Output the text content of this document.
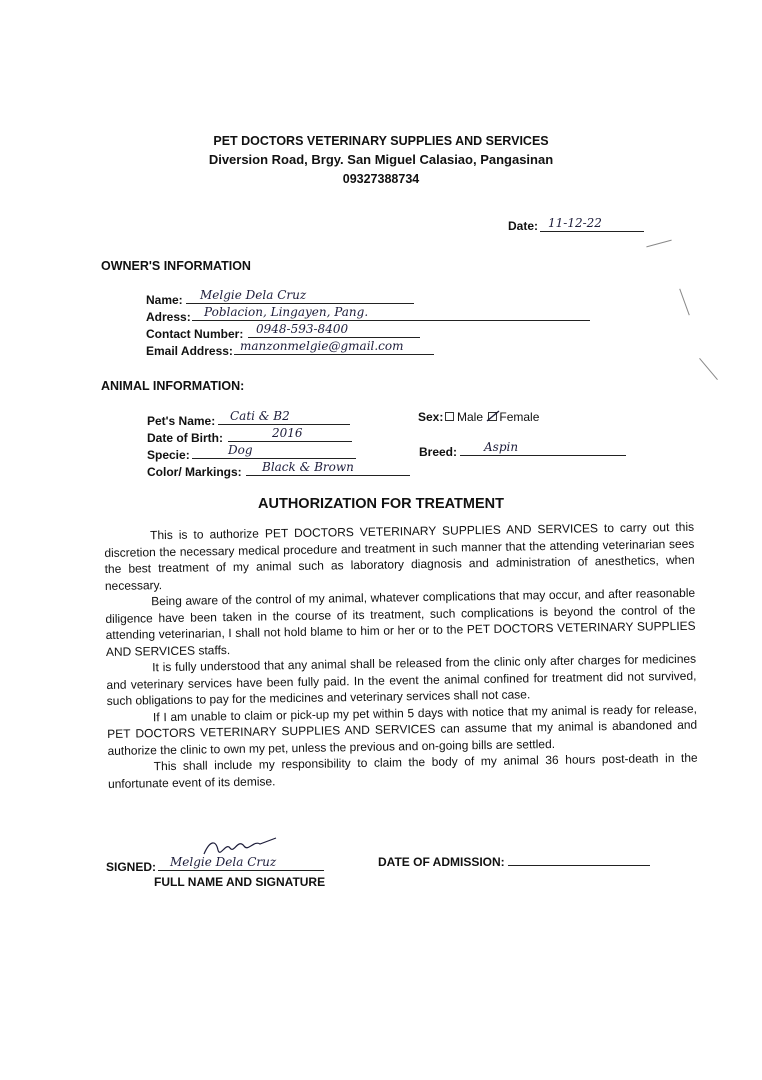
PET DOCTORS VETERINARY SUPPLIES AND SERVICES
Diversion Road, Brgy. San Miguel Calasiao, Pangasinan
09327388734
Date: 11-12-22
OWNER'S INFORMATION
Name: Melgie Dela Cruz
Adress: Poblacion, Lingayen, Pang.
Contact Number: 0948-593-8400
Email Address: manzonmelgie@gmail.com
ANIMAL INFORMATION:
Pet's Name: Cati & B2
Date of Birth:	2016
Specie:	Dog
Color/ Markings: Black & Brown
Sex:	Male Female
Breed: Aspin
AUTHORIZATION FOR TREATMENT

This is to authorize PET DOCTORS VETERINARY SUPPLIES AND SERVICES to carry out this discretion the necessary medical procedure and treatment in such manner that the attending veterinarian sees the best treatment of my animal such as laboratory diagnosis and administration of anesthetics, when necessary.

Being aware of the control of my animal, whatever complications that may occur, and after reasonable diligence have been taken in the course of its treatment, such complications is beyond the control of the attending veterinarian, I shall not hold blame to him or her or to the PET DOCTORS VETERINARY SUPPLIES AND SERVICES staffs.

It is fully understood that any animal shall be released from the clinic only after charges for medicines and veterinary services have been fully paid. In the event the animal confined for treatment did not survived, such obligations to pay for the medicines and veterinary services shall not case.

If I am unable to claim or pick-up my pet within 5 days with notice that my animal is ready for release, PET DOCTORS VETERINARY SUPPLIES AND SERVICES can assume that my animal is abandoned and authorize the clinic to own my pet, unless the previous and on-going bills are settled.

This shall include my responsibility to claim the body of my animal 36 hours post-death in the unfortunate event of its demise.

SIGNED: Melgie Dela Cruz
FULL NAME AND SIGNATURE
DATE OF ADMISSION:
